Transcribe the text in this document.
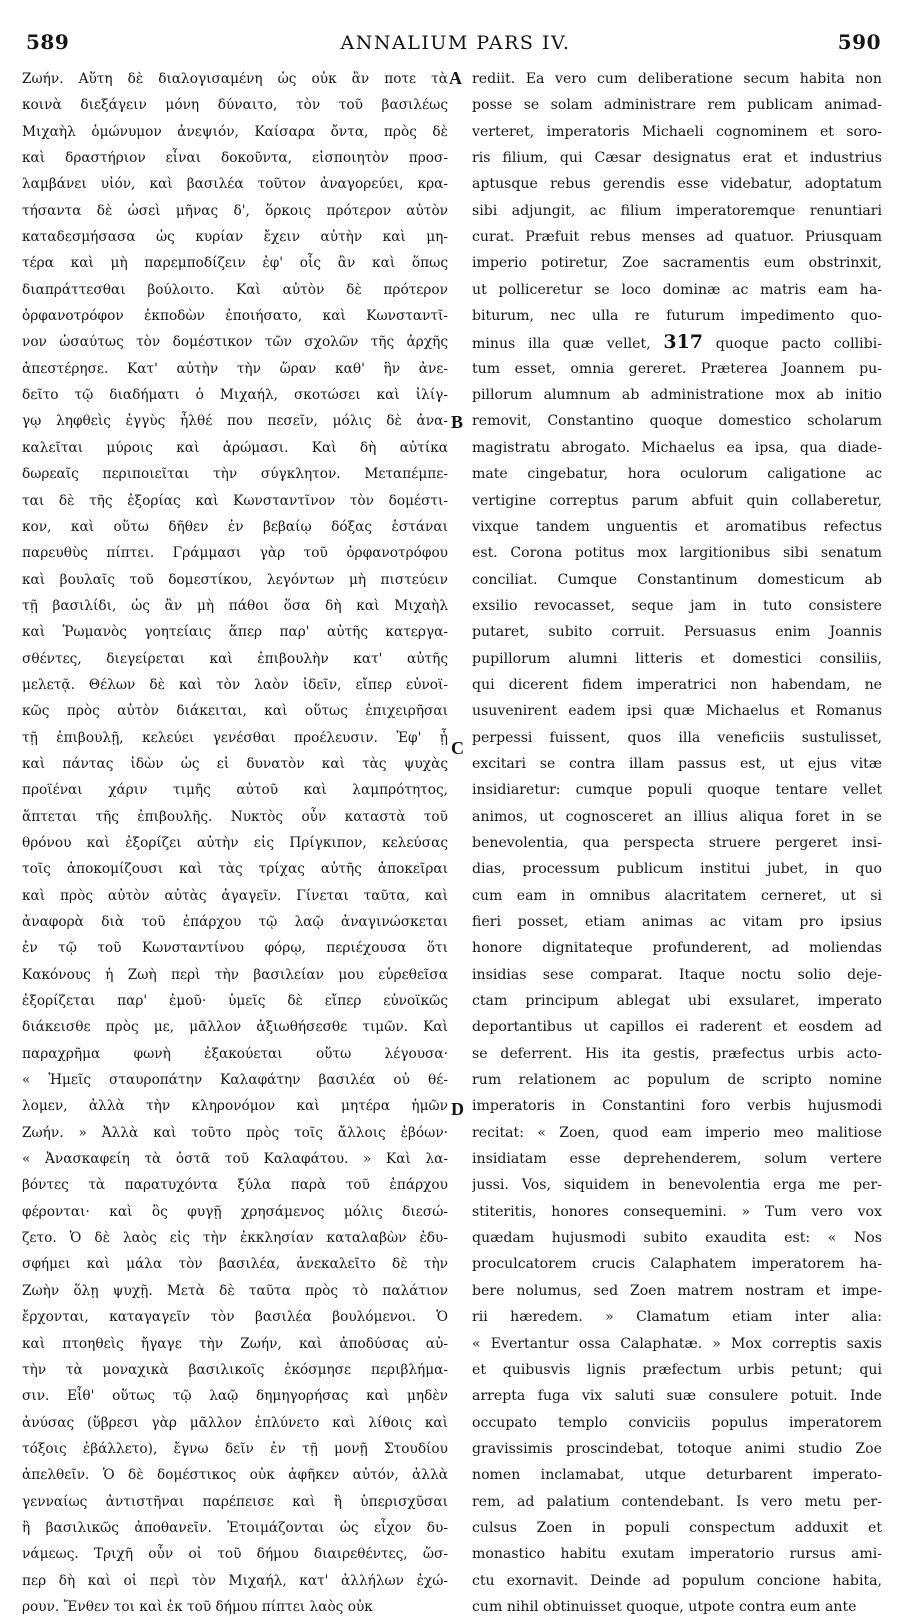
589	ANNALIUM PARS IV.	590
Ζωήν. Αὕτη δὲ διαλογισαμένη ὡς οὐκ ἂν ποτε τὰ
κοινὰ διεξάγειν μόνη δύναιτο, τὸν τοῦ βασιλέως
Μιχαὴλ ὁμώνυμον ἀνεψιόν, Καίσαρα ὄντα, πρὸς δὲ
καὶ δραστήριον εἶναι δοκοῦντα, εἰσποιητὸν προσ-
λαμβάνει υἱόν, καὶ βασιλέα τοῦτον ἀναγορεύει, κρα-
τήσαντα δὲ ὡσεὶ μῆνας δ', ὅρκοις πρότερον αὐτὸν
καταδεσμήσασα ὡς κυρίαν ἔχειν αὐτὴν καὶ μη-
τέρα καὶ μὴ παρεμποδίζειν ἐφ' οἷς ἂν καὶ ὅπως
διαπράττεσθαι βούλοιτο. Καὶ αὐτὸν δὲ πρότερον
ὀρφανοτρόφον ἐκποδὼν ἐποιήσατο, καὶ Κωνσταντῖ-
νον ὡσαύτως τὸν δομέστικον τῶν σχολῶν τῆς ἀρχῆς
ἀπεστέρησε. Κατ' αὐτὴν τὴν ὥραν καθ' ἣν ἀνε-
δεῖτο τῷ διαδήματι ὁ Μιχαήλ, σκοτώσει καὶ ἰλίγ-
γῳ ληφθεὶς ἐγγὺς ἦλθέ που πεσεῖν, μόλις δὲ ἀνα-
καλεῖται μύροις καὶ ἀρώμασι. Καὶ δὴ αὐτίκα
δωρεαῖς περιποιεῖται τὴν σύγκλητον. Μεταπέμπε-
ται δὲ τῆς ἐξορίας καὶ Κωνσταντῖνον τὸν δομέστι-
κον, καὶ οὕτω δῆθεν ἐν βεβαίῳ δόξας ἑστάναι
παρευθὺς πίπτει. Γράμμασι γὰρ τοῦ ὀρφανοτρόφου
καὶ βουλαῖς τοῦ δομεστίκου, λεγόντων μὴ πιστεύειν
τῇ βασιλίδι, ὡς ἂν μὴ πάθοι ὅσα δὴ καὶ Μιχαὴλ
καὶ Ῥωμανὸς γοητείαις ἅπερ παρ' αὐτῆς κατεργα-
σθέντες, διεγείρεται καὶ ἐπιβουλὴν κατ' αὐτῆς
μελετᾷ. Θέλων δὲ καὶ τὸν λαὸν ἰδεῖν, εἴπερ εὐνοϊ-
κῶς πρὸς αὐτὸν διάκειται, καὶ οὕτως ἐπιχειρῆσαι
τῇ ἐπιβουλῇ, κελεύει γενέσθαι προέλευσιν. Ἐφ' ᾗ
καὶ πάντας ἰδὼν ὡς εἰ δυνατὸν καὶ τὰς ψυχὰς
προϊέναι χάριν τιμῆς αὐτοῦ καὶ λαμπρότητος,
ἅπτεται τῆς ἐπιβουλῆς. Νυκτὸς οὖν καταστὰ τοῦ
θρόνου καὶ ἐξορίζει αὐτὴν εἰς Πρίγκιπον, κελεύσας
τοῖς ἀποκομίζουσι καὶ τὰς τρίχας αὐτῆς ἀποκεῖραι
καὶ πρὸς αὐτὸν αὐτὰς ἀγαγεῖν. Γίνεται ταῦτα, καὶ
ἀναφορὰ διὰ τοῦ ἐπάρχου τῷ λαῷ ἀναγινώσκεται
ἐν τῷ τοῦ Κωνσταντίνου φόρῳ, περιέχουσα ὅτι
Κακόνους ἡ Ζωὴ περὶ τὴν βασιλείαν μου εὑρεθεῖσα
ἐξορίζεται παρ' ἐμοῦ· ὑμεῖς δὲ εἴπερ εὐνοϊκῶς
διάκεισθε πρὸς με, μᾶλλον ἀξιωθήσεσθε τιμῶν. Καὶ
παραχρῆμα φωνὴ ἐξακούεται οὕτω λέγουσα·
« Ἡμεῖς σταυροπάτην Καλαφάτην βασιλέα οὐ θέ-
λομεν, ἀλλὰ τὴν κληρονόμον καὶ μητέρα ἡμῶν
Ζωήν. » Ἀλλὰ καὶ τοῦτο πρὸς τοῖς ἄλλοις ἐβόων·
« Ἀνασκαφείη τὰ ὀστᾶ τοῦ Καλαφάτου. » Καὶ λα-
βόντες τὰ παρατυχόντα ξύλα παρὰ τοῦ ἐπάρχου
φέρονται· καὶ ὃς φυγῇ χρησάμενος μόλις διεσώ-
ζετο. Ὁ δὲ λαὸς εἰς τὴν ἐκκλησίαν καταλαβὼν ἐδυ-
σφήμει καὶ μάλα τὸν βασιλέα, ἀνεκαλεῖτο δὲ τὴν
Ζωὴν ὅλῃ ψυχῇ. Μετὰ δὲ ταῦτα πρὸς τὸ παλάτιον
ἔρχονται, καταγαγεῖν τὸν βασιλέα βουλόμενοι. Ὁ
καὶ πτοηθεὶς ἤγαγε τὴν Ζωήν, καὶ ἀποδύσας αὐ-
τὴν τὰ μοναχικὰ βασιλικοῖς ἐκόσμησε περιβλήμα-
σιν. Εἶθ' οὕτως τῷ λαῷ δημηγορήσας καὶ μηδὲν
ἀνύσας (ὕβρεσι γὰρ μᾶλλον ἐπλύνετο καὶ λίθοις καὶ
τόξοις ἐβάλλετο), ἔγνω δεῖν ἐν τῇ μονῇ Στουδίου
ἀπελθεῖν. Ὁ δὲ δομέστικος οὐκ ἀφῆκεν αὐτόν, ἀλλὰ
γενναίως ἀντιστῆναι παρέπεισε καὶ ἢ ὑπερισχῦσαι
ἢ βασιλικῶς ἀποθανεῖν. Ἑτοιμάζονται ὡς εἶχον δυ-
νάμεως. Τριχῆ οὖν οἱ τοῦ δήμου διαιρεθέντες, ὥσ-
περ δὴ καὶ οἱ περὶ τὸν Μιχαήλ, κατ' ἀλλήλων ἐχώ-
ρουν. Ἔνθεν τοι καὶ ἐκ τοῦ δήμου πίπτει λαὸς οὐκ
rediit. Ea vero cum deliberatione secum habita non
posse se solam administrare rem publicam animad-
verteret, imperatoris Michaeli cognominem et soro-
ris filium, qui Cæsar designatus erat et industrius
aptusque rebus gerendis esse videbatur, adoptatum
sibi adjungit, ac filium imperatoremque renuntiari
curat. Præfuit rebus menses ad quatuor. Priusquam
imperio potiretur, Zoe sacramentis eum obstrinxit,
ut polliceretur se loco dominæ ac matris eam ha-
biturum, nec ulla re futurum impedimento quo-
minus illa quæ vellet, 317 quoque pacto collibi-
tum esset, omnia gereret. Præterea Joannem pu-
pillorum alumnum ab administratione mox ab initio
removit, Constantino quoque domestico scholarum
magistratu abrogato. Michaelus ea ipsa, qua diade-
mate cingebatur, hora oculorum caligatione ac
vertigine correptus parum abfuit quin collaberetur,
vixque tandem unguentis et aromatibus refectus
est. Corona potitus mox largitionibus sibi senatum
conciliat. Cumque Constantinum domesticum ab
exsilio revocasset, seque jam in tuto consistere
putaret, subito corruit. Persuasus enim Joannis
pupillorum alumni litteris et domestici consiliis,
qui dicerent fidem imperatrici non habendam, ne
usuvenirent eadem ipsi quæ Michaelus et Romanus
perpessi fuissent, quos illa veneficiis sustulisset,
excitari se contra illam passus est, ut ejus vitæ
insidiaretur: cumque populi quoque tentare vellet
animos, ut cognosceret an illius aliqua foret in se
benevolentia, qua perspecta struere pergeret insi-
dias, processum publicum institui jubet, in quo
cum eam in omnibus alacritatem cerneret, ut si
fieri posset, etiam animas ac vitam pro ipsius
honore dignitateque profunderent, ad moliendas
insidias sese comparat. Itaque noctu solio deje-
ctam principum ablegat ubi exsularet, imperato
deportantibus ut capillos ei raderent et eosdem ad
se deferrent. His ita gestis, præfectus urbis acto-
rum relationem ac populum de scripto nomine
imperatoris in Constantini foro verbis hujusmodi
recitat: « Zoen, quod eam imperio meo malitiose
insidiatam esse deprehenderem, solum vertere
jussi. Vos, siquidem in benevolentia erga me per-
stiteritis, honores consequemini. » Tum vero vox
quædam hujusmodi subito exaudita est: « Nos
proculcatorem crucis Calaphatem imperatorem ha-
bere nolumus, sed Zoen matrem nostram et impe-
rii hæredem. » Clamatum etiam inter alia:
« Evertantur ossa Calaphatæ. » Mox correptis saxis
et quibusvis lignis præfectum urbis petunt; qui
arrepta fuga vix saluti suæ consulere potuit. Inde
occupato templo conviciis populus imperatorem
gravissimis proscindebat, totoque animi studio Zoe
nomen inclamabat, utque deturbarent imperato-
rem, ad palatium contendebant. Is vero metu per-
culsus Zoen in populi conspectum adduxit et
monastico habitu exutam imperatorio rursus ami-
ctu exornavit. Deinde ad populum concione habita,
cum nihil obtinuisset quoque, utpote contra eum ante
A
B
C
D
